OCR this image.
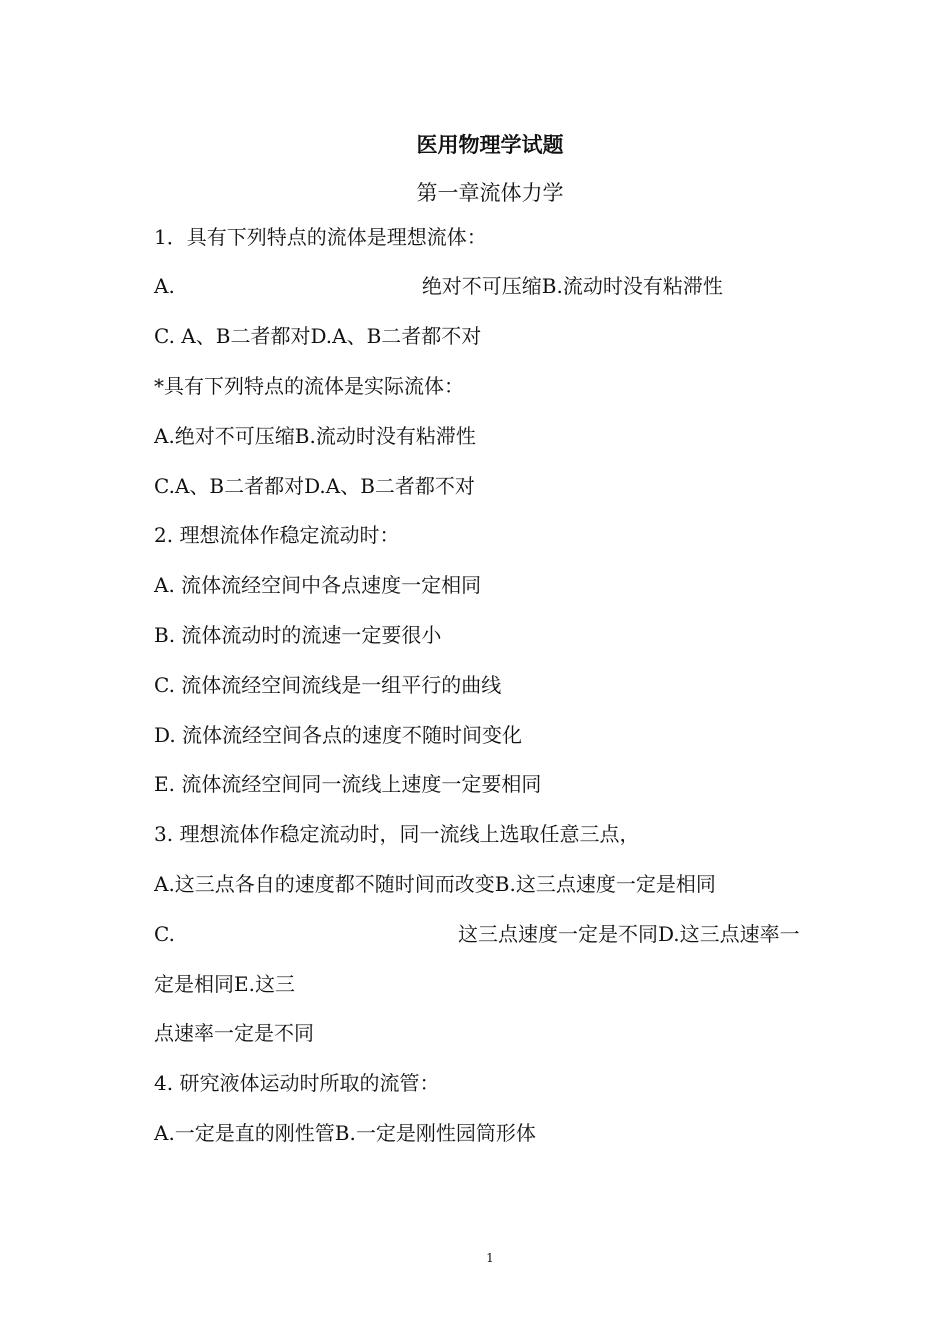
医用物理学试题
第一章流体力学
1．具有下列特点的流体是理想流体：
A.	绝对不可压缩B.流动时没有粘滞性
C. A、B二者都对D.A、B二者都不对
*具有下列特点的流体是实际流体：
A.绝对不可压缩B.流动时没有粘滞性
C.A、B二者都对D.A、B二者都不对
2. 理想流体作稳定流动时：
A. 流体流经空间中各点速度一定相同
B. 流体流动时的流速一定要很小
C. 流体流经空间流线是一组平行的曲线
D. 流体流经空间各点的速度不随时间变化
E. 流体流经空间同一流线上速度一定要相同
3. 理想流体作稳定流动时，同一流线上选取任意三点，
A.这三点各自的速度都不随时间而改变B.这三点速度一定是相同
C.	这三点速度一定是不同D.这三点速率一
定是相同E.这三
点速率一定是不同
4. 研究液体运动时所取的流管：
A.一定是直的刚性管B.一定是刚性园筒形体
1
